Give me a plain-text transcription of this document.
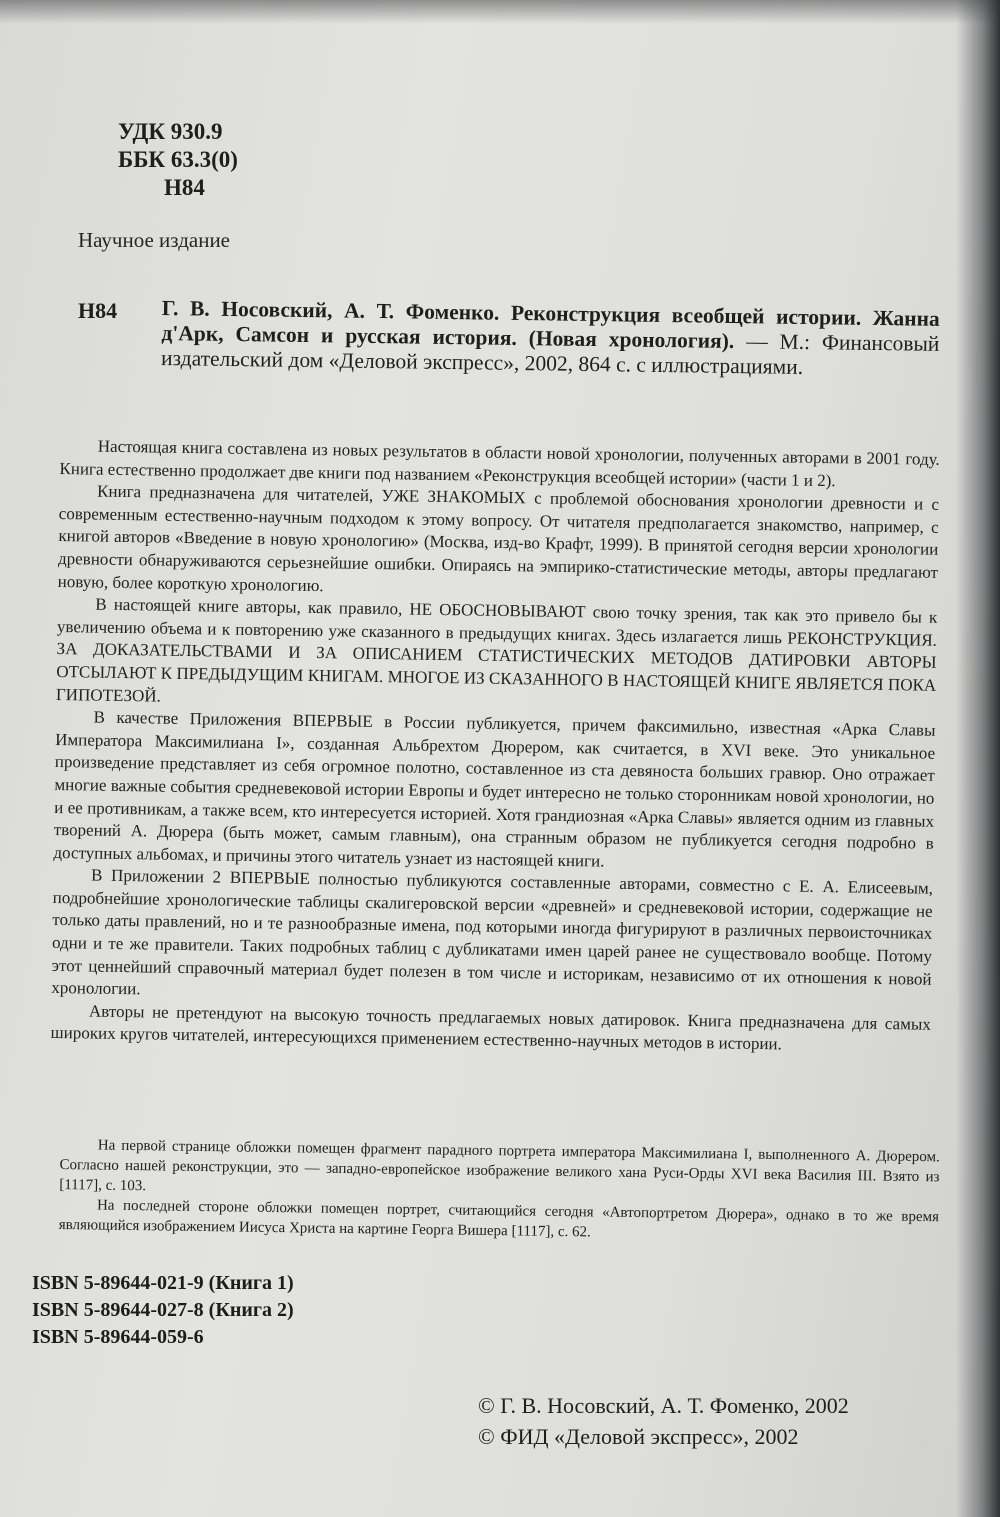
УДК 930.9
ББК 63.3(0)
Н84
Научное издание
Н84 Г. В. Носовский, А. Т. Фоменко. Реконструкция всеобщей истории. Жанна д'Арк, Самсон и русская история. (Новая хронология). — М.: Финансовый издательский дом «Деловой экспресс», 2002, 864 с. с иллюстрациями.

Настоящая книга составлена из новых результатов в области новой хронологии, полученных авторами в 2001 году. Книга естественно продолжает две книги под названием «Реконструкция всеобщей истории» (части 1 и 2).

Книга предназначена для читателей, УЖЕ ЗНАКОМЫХ с проблемой обоснования хронологии древности и с современным естественно-научным подходом к этому вопросу. От читателя предполагается знакомство, например, с книгой авторов «Введение в новую хронологию» (Москва, изд-во Крафт, 1999). В принятой сегодня версии хронологии древности обнаруживаются серьезнейшие ошибки. Опираясь на эмпирико-статистические методы, авторы предлагают новую, более короткую хронологию.

В настоящей книге авторы, как правило, НЕ ОБОСНОВЫВАЮТ свою точку зрения, так как это привело бы к увеличению объема и к повторению уже сказанного в предыдущих книгах. Здесь излагается лишь РЕКОНСТРУКЦИЯ. ЗА ДОКАЗАТЕЛЬСТВАМИ И ЗА ОПИСАНИЕМ СТАТИСТИЧЕСКИХ МЕТОДОВ ДАТИРОВКИ АВТОРЫ ОТСЫЛАЮТ К ПРЕДЫДУЩИМ КНИГАМ. МНОГОЕ ИЗ СКАЗАННОГО В НАСТОЯЩЕЙ КНИГЕ ЯВЛЯЕТСЯ ПОКА ГИПОТЕЗОЙ.

В качестве Приложения ВПЕРВЫЕ в России публикуется, причем факсимильно, известная «Арка Славы Императора Максимилиана I», созданная Альбрехтом Дюрером, как считается, в XVI веке. Это уникальное произведение представляет из себя огромное полотно, составленное из ста девяноста больших гравюр. Оно отражает многие важные события средневековой истории Европы и будет интересно не только сторонникам новой хронологии, но и ее противникам, а также всем, кто интересуется историей. Хотя грандиозная «Арка Славы» является одним из главных творений А. Дюрера (быть может, самым главным), она странным образом не публикуется сегодня подробно в доступных альбомах, и причины этого читатель узнает из настоящей книги.

В Приложении 2 ВПЕРВЫЕ полностью публикуются составленные авторами, совместно с Е. А. Елисеевым, подробнейшие хронологические таблицы скалигеровской версии «древней» и средневековой истории, содержащие не только даты правлений, но и те разнообразные имена, под которыми иногда фигурируют в различных первоисточниках одни и те же правители. Таких подробных таблиц с дубликатами имен царей ранее не существовало вообще. Потому этот ценнейший справочный материал будет полезен в том числе и историкам, независимо от их отношения к новой хронологии.

Авторы не претендуют на высокую точность предлагаемых новых датировок. Книга предназначена для самых широких кругов читателей, интересующихся применением естественно-научных методов в истории.

На первой странице обложки помещен фрагмент парадного портрета императора Максимилиана I, выполненного А. Дюрером. Согласно нашей реконструкции, это — западно-европейское изображение великого хана Руси-Орды XVI века Василия III. Взято из [1117], с. 103.

На последней стороне обложки помещен портрет, считающийся сегодня «Автопортретом Дюрера», однако в то же время являющийся изображением Иисуса Христа на картине Георга Вишера [1117], с. 62.

ISBN 5-89644-021-9 (Книга 1)
ISBN 5-89644-027-8 (Книга 2)
ISBN 5-89644-059-6
© Г. В. Носовский, А. Т. Фоменко, 2002
© ФИД «Деловой экспресс», 2002
